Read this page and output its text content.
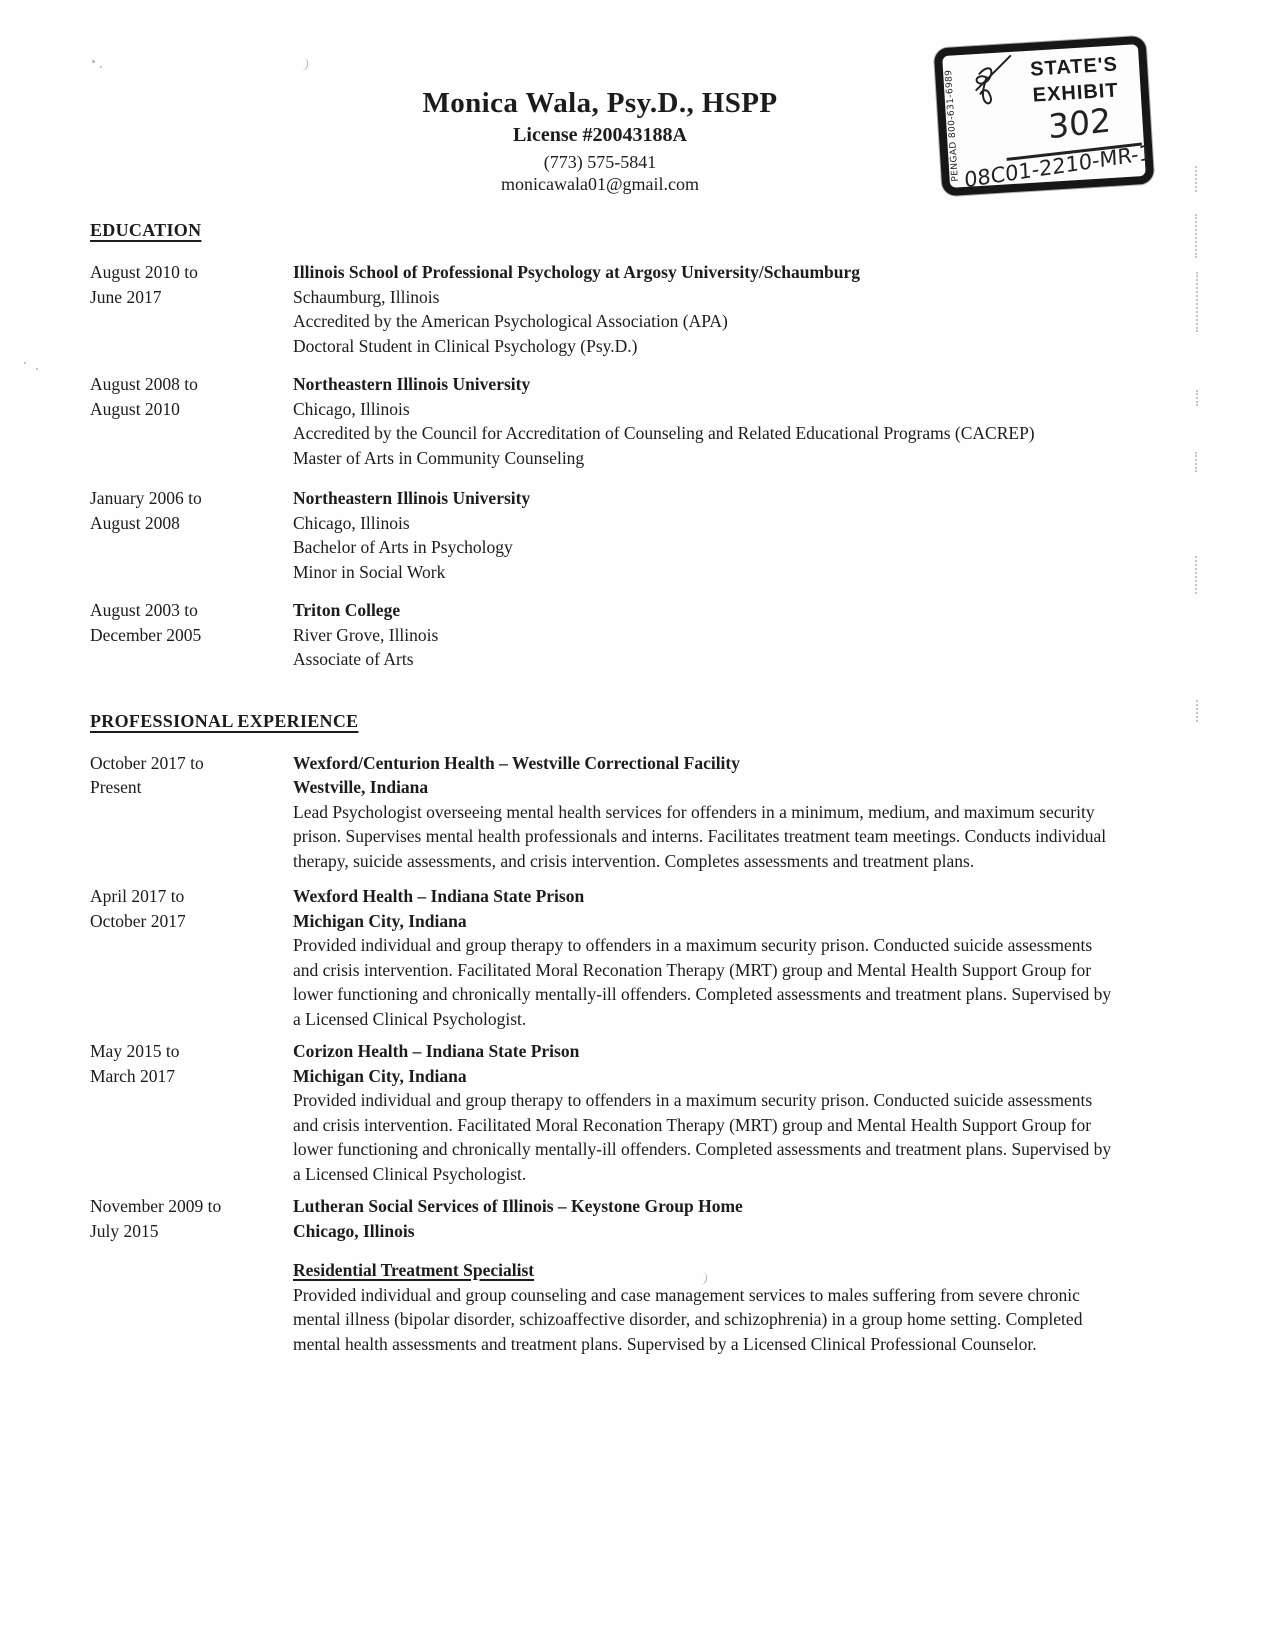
Monica Wala, Psy.D., HSPP
License #20043188A
(773) 575-5841
monicawala01@gmail.com
PENGAD 800-631-6989
STATE'S
EXHIBIT
302
08C01-2210-MR-1
EDUCATION
August 2010 to
June 2017
Illinois School of Professional Psychology at Argosy University/Schaumburg
Schaumburg, Illinois
Accredited by the American Psychological Association (APA)
Doctoral Student in Clinical Psychology (Psy.D.)
August 2008 to
August 2010
Northeastern Illinois University
Chicago, Illinois
Accredited by the Council for Accreditation of Counseling and Related Educational Programs (CACREP)
Master of Arts in Community Counseling
January 2006 to
August 2008
Northeastern Illinois University
Chicago, Illinois
Bachelor of Arts in Psychology
Minor in Social Work
August 2003 to
December 2005
Triton College
River Grove, Illinois
Associate of Arts
PROFESSIONAL EXPERIENCE
October 2017 to
Present
Wexford/Centurion Health – Westville Correctional Facility
Westville, Indiana
Lead Psychologist overseeing mental health services for offenders in a minimum, medium, and maximum security prison. Supervises mental health professionals and interns. Facilitates treatment team meetings. Conducts individual therapy, suicide assessments, and crisis intervention. Completes assessments and treatment plans.
April 2017 to
October 2017
Wexford Health – Indiana State Prison
Michigan City, Indiana
Provided individual and group therapy to offenders in a maximum security prison. Conducted suicide assessments and crisis intervention. Facilitated Moral Reconation Therapy (MRT) group and Mental Health Support Group for lower functioning and chronically mentally-ill offenders. Completed assessments and treatment plans. Supervised by a Licensed Clinical Psychologist.
May 2015 to
March 2017
Corizon Health – Indiana State Prison
Michigan City, Indiana
Provided individual and group therapy to offenders in a maximum security prison. Conducted suicide assessments and crisis intervention. Facilitated Moral Reconation Therapy (MRT) group and Mental Health Support Group for lower functioning and chronically mentally-ill offenders. Completed assessments and treatment plans. Supervised by a Licensed Clinical Psychologist.
November 2009 to
July 2015
Lutheran Social Services of Illinois – Keystone Group Home
Chicago, Illinois
Residential Treatment Specialist
Provided individual and group counseling and case management services to males suffering from severe chronic mental illness (bipolar disorder, schizoaffective disorder, and schizophrenia) in a group home setting. Completed mental health assessments and treatment plans. Supervised by a Licensed Clinical Professional Counselor.
